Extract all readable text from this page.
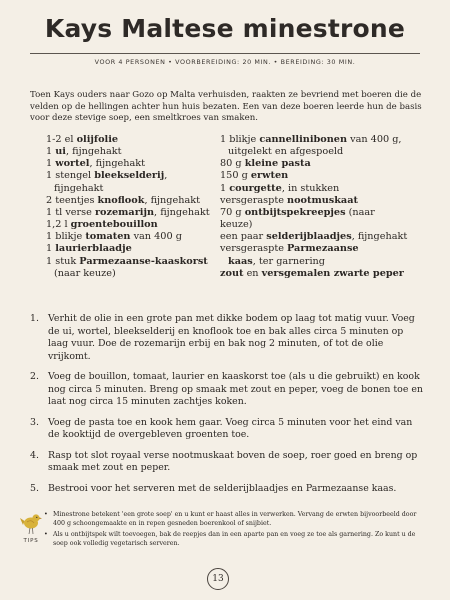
Kays Maltese minestrone
VOOR 4 PERSONEN • VOORBEREIDING: 20 MIN. • BEREIDING: 30 MIN.

Toen Kays ouders naar Gozo op Malta verhuisden, raakten ze bevriend met boeren die de velden op de hellingen achter hun huis bezaten. Een van deze boeren leerde hun de basis voor deze stevige soep, een smeltkroes van smaken.

1-2 el olijfolie
1 ui, fijngehakt
1 wortel, fijngehakt
1 stengel bleekselderij,
fijngehakt
2 teentjes knoflook, fijngehakt
1 tl verse rozemarijn, fijngehakt
1,2 l groentebouillon
1 blikje tomaten van 400 g
1 laurierblaadje
1 stuk Parmezaanse-kaaskorst
(naar keuze)
1 blikje cannellinibonen van 400 g,
uitgelekt en afgespoeld
80 g kleine pasta
150 g erwten
1 courgette, in stukken
versgeraspte nootmuskaat
70 g ontbijtspekreepjes (naar keuze)
een paar selderijblaadjes, fijngehakt
versgeraspte Parmezaanse
kaas, ter garnering
zout en versgemalen zwarte peper
1. Verhit de olie in een grote pan met dikke bodem op laag tot matig vuur. Voeg de ui, wortel, bleekselderij en knoflook toe en bak alles circa 5 minuten op laag vuur. Doe de rozemarijn erbij en bak nog 2 minuten, of tot de olie vrijkomt.
2. Voeg de bouillon, tomaat, laurier en kaaskorst toe (als u die gebruikt) en kook nog circa 5 minuten. Breng op smaak met zout en peper, voeg de bonen toe en laat nog circa 15 minuten zachtjes koken.
3. Voeg de pasta toe en kook hem gaar. Voeg circa 5 minuten voor het eind van de kooktijd de overgebleven groenten toe.
4. Rasp tot slot royaal verse nootmuskaat boven de soep, roer goed en breng op smaak met zout en peper.
5. Bestrooi voor het serveren met de selderijblaadjes en Parmezaanse kaas.
TIPS
• Minestrone betekent 'een grote soep' en u kunt er haast alles in verwerken. Vervang de erwten bijvoorbeeld door 400 g schoongemaakte en in repen gesneden boerenkool of snijbiet.
• Als u ontbijtspek wilt toevoegen, bak de reepjes dan in een aparte pan en voeg ze toe als garnering. Zo kunt u de soep ook volledig vegetarisch serveren.
13
